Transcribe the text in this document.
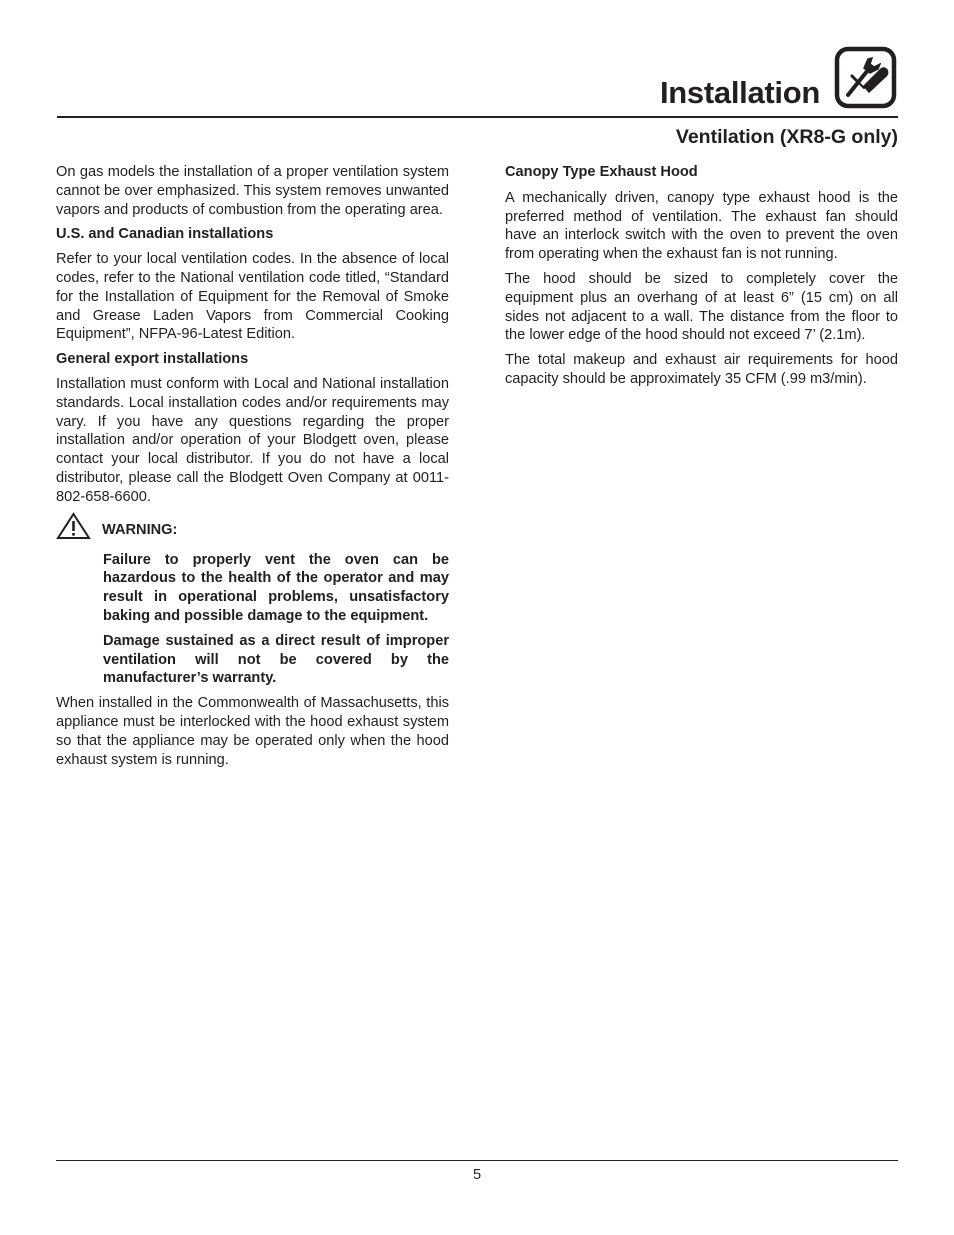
Installation
Ventilation (XR8-G only)

On gas models the installation of a proper ventilation system cannot be over emphasized. This system removes unwanted vapors and products of combustion from the operating area.

U.S. and Canadian installations

Refer to your local ventilation codes. In the absence of local codes, refer to the National ventilation code titled, “Standard for the Installation of Equipment for the Removal of Smoke and Grease Laden Vapors from Commercial Cooking Equipment”, NFPA-96-Latest Edition.

General export installations

Installation must conform with Local and National installation standards. Local installation codes and/or requirements may vary. If you have any questions regarding the proper installation and/or operation of your Blodgett oven, please contact your local distributor. If you do not have a local distributor, please call the Blodgett Oven Company at 0011-802-658-6600.

WARNING:

Failure to properly vent the oven can be hazardous to the health of the operator and may result in operational problems, unsatisfactory baking and possible damage to the equipment.

Damage sustained as a direct result of improper ventilation will not be covered by the manufacturer’s warranty.

When installed in the Commonwealth of Massachusetts, this appliance must be interlocked with the hood exhaust system so that the appliance may be operated only when the hood exhaust system is running.

Canopy Type Exhaust Hood

A mechanically driven, canopy type exhaust hood is the preferred method of ventilation. The exhaust fan should have an interlock switch with the oven to prevent the oven from operating when the exhaust fan is not running.

The hood should be sized to completely cover the equipment plus an overhang of at least 6” (15 cm) on all sides not adjacent to a wall. The distance from the floor to the lower edge of the hood should not exceed 7’ (2.1m).

The total makeup and exhaust air requirements for hood capacity should be approximately 35 CFM (.99 m3/min).

5
